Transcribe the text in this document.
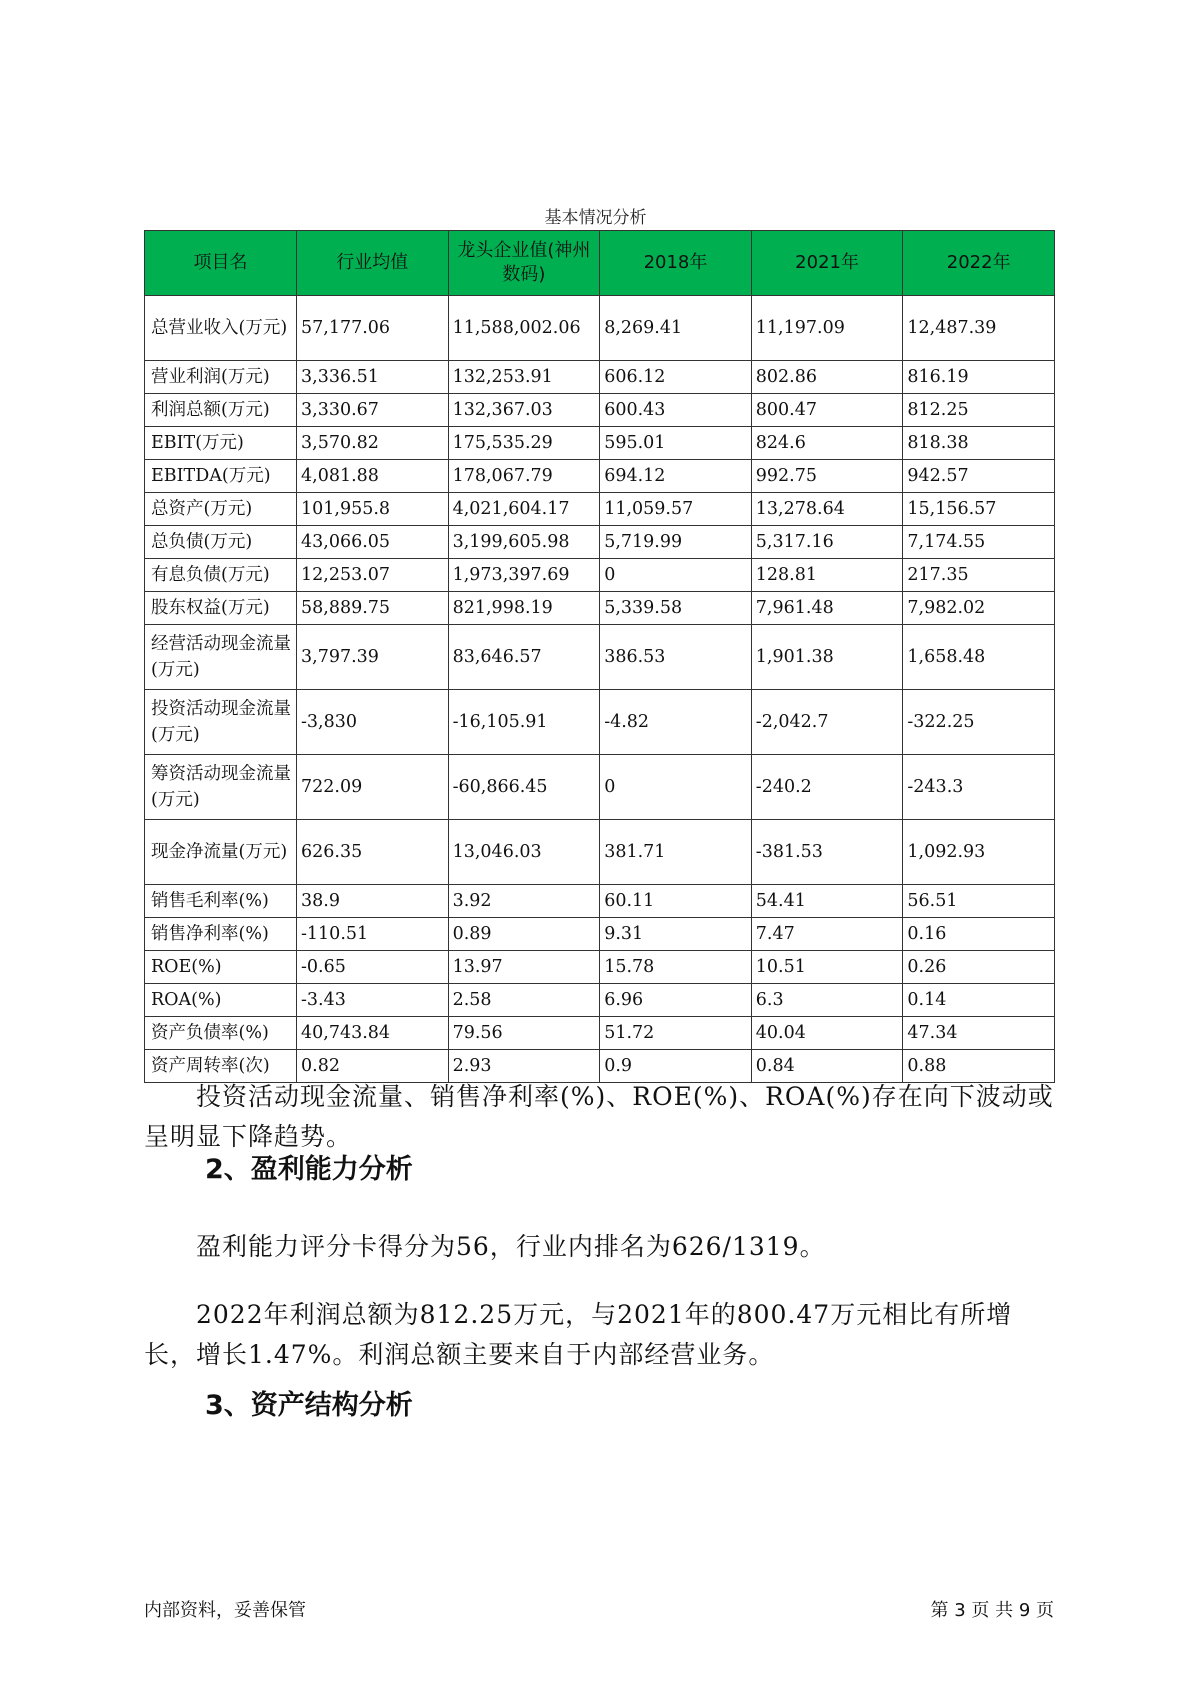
基本情况分析
项目名	行业均值	龙头企业值(神州数码)	2018年	2021年	2022年
总营业收入(万元)	57,177.06	11,588,002.06	8,269.41	11,197.09	12,487.39
营业利润(万元)	3,336.51	132,253.91	606.12	802.86	816.19
利润总额(万元)	3,330.67	132,367.03	600.43	800.47	812.25
EBIT(万元)	3,570.82	175,535.29	595.01	824.6	818.38
EBITDA(万元)	4,081.88	178,067.79	694.12	992.75	942.57
总资产(万元)	101,955.8	4,021,604.17	11,059.57	13,278.64	15,156.57
总负债(万元)	43,066.05	3,199,605.98	5,719.99	5,317.16	7,174.55
有息负债(万元)	12,253.07	1,973,397.69	0	128.81	217.35
股东权益(万元)	58,889.75	821,998.19	5,339.58	7,961.48	7,982.02
经营活动现金流量(万元)	3,797.39	83,646.57	386.53	1,901.38	1,658.48
投资活动现金流量(万元)	-3,830	-16,105.91	-4.82	-2,042.7	-322.25
筹资活动现金流量(万元)	722.09	-60,866.45	0	-240.2	-243.3
现金净流量(万元)	626.35	13,046.03	381.71	-381.53	1,092.93
销售毛利率(%)	38.9	3.92	60.11	54.41	56.51
销售净利率(%)	-110.51	0.89	9.31	7.47	0.16
ROE(%)	-0.65	13.97	15.78	10.51	0.26
ROA(%)	-3.43	2.58	6.96	6.3	0.14
资产负债率(%)	40,743.84	79.56	51.72	40.04	47.34
资产周转率(次)	0.82	2.93	0.9	0.84	0.88

投资活动现金流量、销售净利率(%)、ROE(%)、ROA(%)存在向下波动或呈明显下降趋势。

2、盈利能力分析

盈利能力评分卡得分为56，行业内排名为626/1319。

2022年利润总额为812.25万元，与2021年的800.47万元相比有所增长，增长1.47%。利润总额主要来自于内部经营业务。

3、资产结构分析
内部资料，妥善保管	第 3 页 共 9 页
